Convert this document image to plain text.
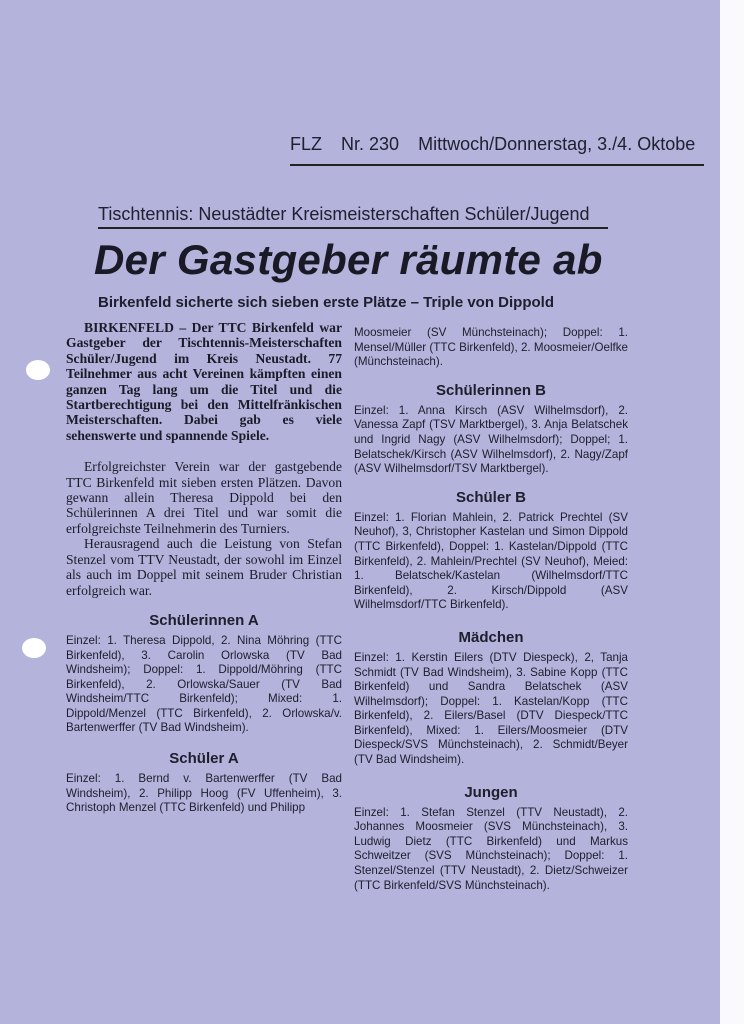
FLZ Nr. 230 Mittwoch/Donnerstag, 3./4. Oktobe
Tischtennis: Neustädter Kreismeisterschaften Schüler/Jugend
Der Gastgeber räumte ab
Birkenfeld sicherte sich sieben erste Plätze – Triple von Dippold

BIRKENFELD – Der TTC Birkenfeld war Gastgeber der Tischtennis-Meisterschaften Schüler/Jugend im Kreis Neustadt. 77 Teilnehmer aus acht Vereinen kämpften einen ganzen Tag lang um die Titel und die Startberechtigung bei den Mittelfränkischen Meisterschaften. Dabei gab es viele sehenswerte und spannende Spiele.

Erfolgreichster Verein war der gastgebende TTC Birkenfeld mit sieben ersten Plätzen. Davon gewann allein Theresa Dippold bei den Schülerinnen A drei Titel und war somit die erfolgreichste Teilnehmerin des Turniers.

Herausragend auch die Leistung von Stefan Stenzel vom TTV Neustadt, der sowohl im Einzel als auch im Doppel mit seinem Bruder Christian erfolgreich war.

Schülerinnen A

Einzel: 1. Theresa Dippold, 2. Nina Möhring (TTC Birkenfeld), 3. Carolin Orlowska (TV Bad Windsheim); Doppel: 1. Dippold/Möhring (TTC Birkenfeld), 2. Orlowska/Sauer (TV Bad Windsheim/TTC Birkenfeld); Mixed: 1. Dippold/Menzel (TTC Birkenfeld), 2. Orlowska/v. Bartenwerffer (TV Bad Windsheim).

Schüler A

Einzel: 1. Bernd v. Bartenwerffer (TV Bad Windsheim), 2. Philipp Hoog (FV Uffenheim), 3. Christoph Menzel (TTC Birkenfeld) und Philipp

Moosmeier (SV Münchsteinach); Doppel: 1. Mensel/Müller (TTC Birkenfeld), 2. Moosmeier/Oelfke (Münchsteinach).

Schülerinnen B

Einzel: 1. Anna Kirsch (ASV Wilhelmsdorf), 2. Vanessa Zapf (TSV Marktbergel), 3. Anja Belatschek und Ingrid Nagy (ASV Wilhelmsdorf); Doppel; 1. Belatschek/Kirsch (ASV Wilhelmsdorf), 2. Nagy/Zapf (ASV Wilhelmsdorf/TSV Marktbergel).

Schüler B

Einzel: 1. Florian Mahlein, 2. Patrick Prechtel (SV Neuhof), 3, Christopher Kastelan und Simon Dippold (TTC Birkenfeld), Doppel: 1. Kastelan/Dippold (TTC Birkenfeld), 2. Mahlein/Prechtel (SV Neuhof), Meied: 1. Belatschek/Kastelan (Wilhelmsdorf/TTC Birkenfeld), 2. Kirsch/Dippold (ASV Wilhelmsdorf/TTC Birkenfeld).

Mädchen

Einzel: 1. Kerstin Eilers (DTV Diespeck), 2, Tanja Schmidt (TV Bad Windsheim), 3. Sabine Kopp (TTC Birkenfeld) und Sandra Belatschek (ASV Wilhelmsdorf); Doppel: 1. Kastelan/Kopp (TTC Birkenfeld), 2. Eilers/Basel (DTV Diespeck/TTC Birkenfeld), Mixed: 1. Eilers/Moosmeier (DTV Diespeck/SVS Münchsteinach), 2. Schmidt/Beyer (TV Bad Windsheim).

Jungen

Einzel: 1. Stefan Stenzel (TTV Neustadt), 2. Johannes Moosmeier (SVS Münchsteinach), 3. Ludwig Dietz (TTC Birkenfeld) und Markus Schweitzer (SVS Münchsteinach); Doppel: 1. Stenzel/Stenzel (TTV Neustadt), 2. Dietz/Schweizer (TTC Birkenfeld/SVS Münchsteinach).
